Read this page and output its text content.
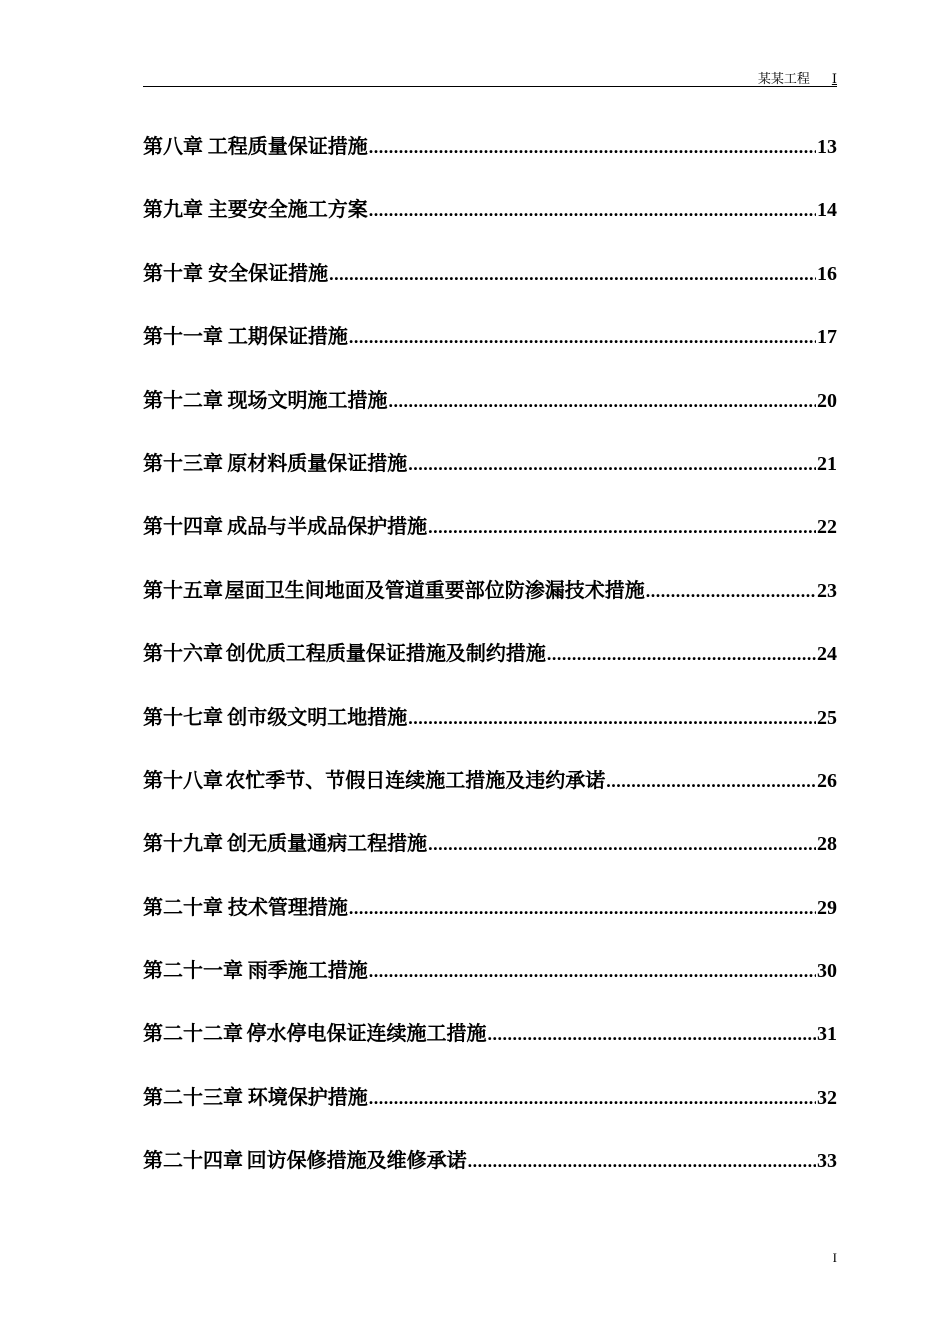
某某工程 I
第八章 工程质量保证措施 .....	13
第九章 主要安全施工方案 .....	14
第十章 安全保证措施 .....	16
第十一章 工期保证措施 .....	17
第十二章 现场文明施工措施 .....	20
第十三章 原材料质量保证措施 .....	21
第十四章 成品与半成品保护措施 .....	22
第十五章 屋面卫生间地面及管道重要部位防渗漏技术措施 .....	23
第十六章 创优质工程质量保证措施及制约措施 .....	24
第十七章 创市级文明工地措施 .....	25
第十八章 农忙季节、节假日连续施工措施及违约承诺 .....	26
第十九章 创无质量通病工程措施 .....	28
第二十章 技术管理措施 .....	29
第二十一章 雨季施工措施 .....	30
第二十二章 停水停电保证连续施工措施 .....	31
第二十三章 环境保护措施 .....	32
第二十四章 回访保修措施及维修承诺 .....	33
I
